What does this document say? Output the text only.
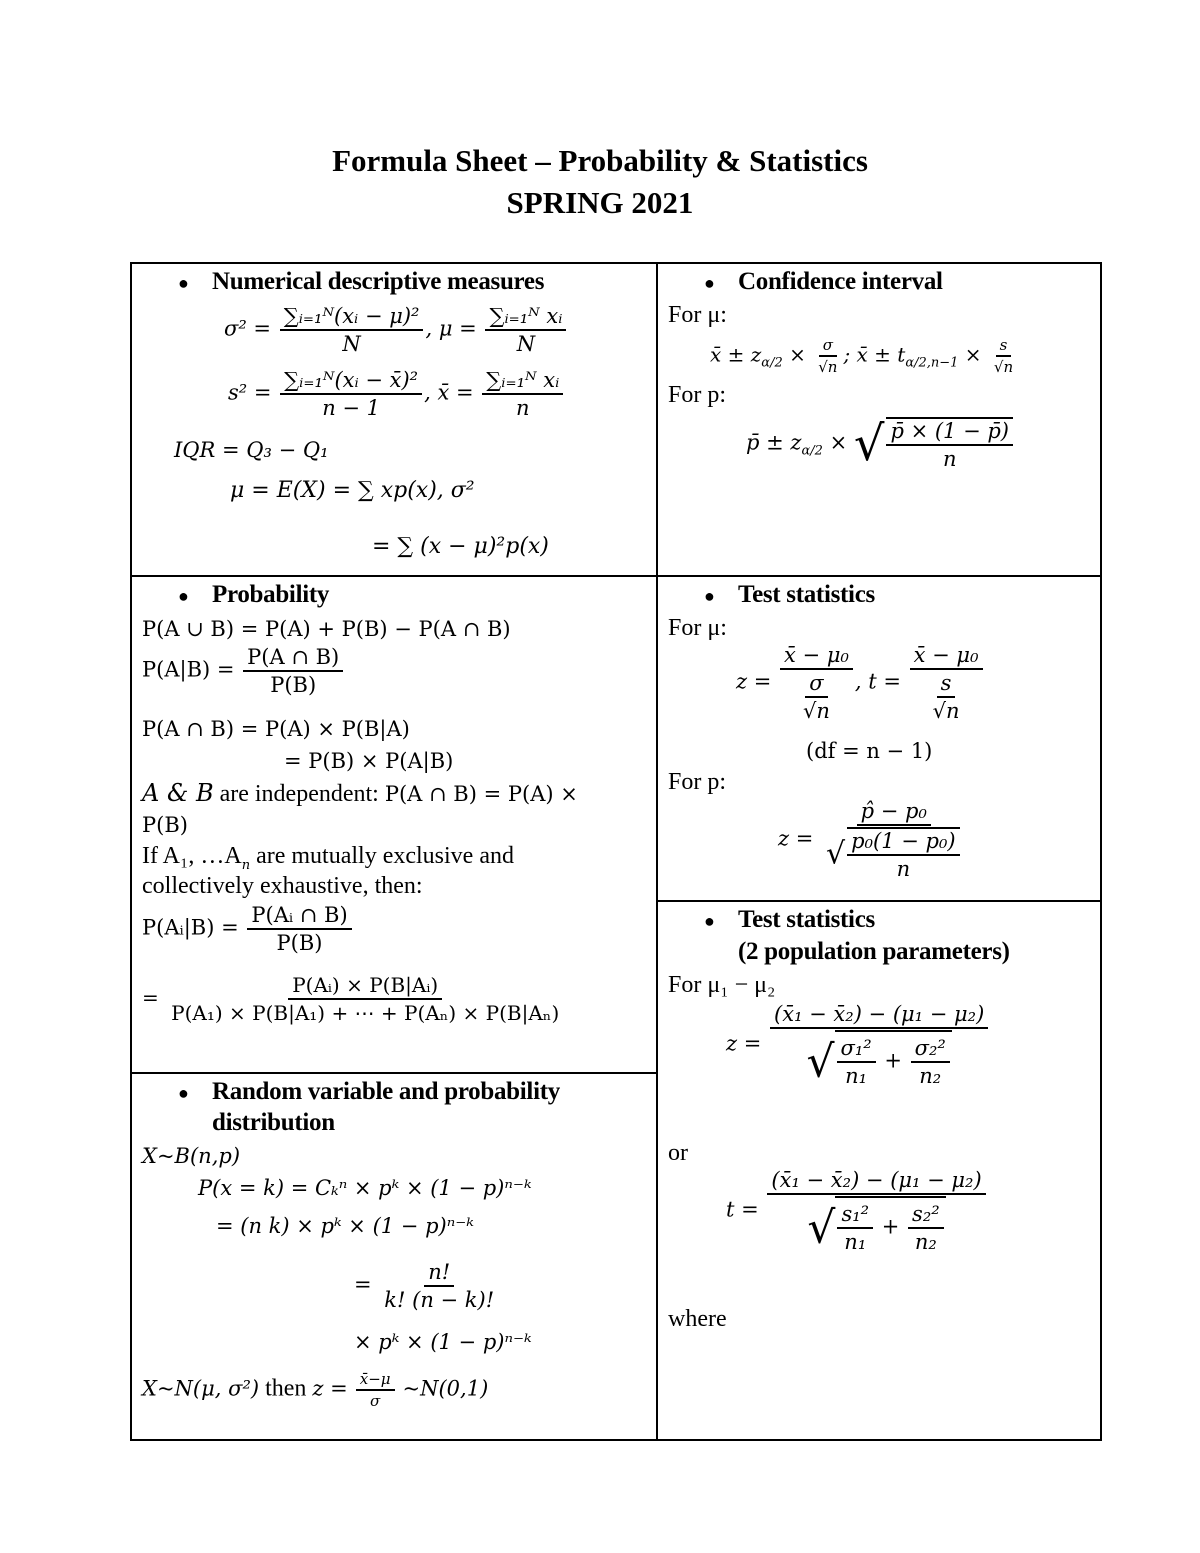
Formula Sheet – Probability & Statistics
SPRING 2021
● Numerical descriptive measures
$\sigma^2 = \frac{\text{∑ᵢ₌₁ᴺ(xᵢ − μ)²}}{N}$ , $\mu = \frac{\text{∑ᵢ₌₁ᴺ xᵢ}}{N}$
$s^2 = \frac{\text{∑ᵢ₌₁ᴺ(xᵢ − x̄)²}}{n - 1}$ , x̄ = $\frac{\text{∑ᵢ₌₁ᴺ xᵢ}}{n}$
IQR = Q₃ − Q₁
μ = E(X) = ∑ xp(x), σ²
= ∑ (x − μ)²p(x)
● Confidence interval
For μ:
x̄ ± $z_{\alpha/2} \times \frac{\sigma}{√n}$ ; x̄ ± $t_{\alpha/2,n-1} \times \frac{s}{√n}$
For p:
p̄ ± $z_{\alpha/2}$ × √ $\frac{p̄ \times (1 - p̄)}{n}$
● Probability
P(A ∪ B) = P(A) + P(B) − P(A ∩ B)
$P(A|B) = \frac{P(A \cap B)}{P(B)}$
P(A ∩ B) = P(A) × P(B|A)
= P(B) × P(A|B)
A & B are independent: P(A ∩ B) = P(A) ×
P(B)
If A₁, $\dots A_n$ are mutually exclusive and
collectively exhaustive, then:
P(Aᵢ|B) = $\frac{\text{P(Aᵢ ∩ B)}}{P(B)}$
= $\frac{\text{P(Aᵢ) × P(B|Aᵢ)}}{\text{P(A₁) × P(B|A₁) + ⋯ + P(Aₙ) × P(B|Aₙ)}}$
● Random variable and probability
distribution
X~B(n,p)
P(x = k) = Cₖⁿ × pᵏ × (1 − p)ⁿ⁻ᵏ
= (n k) × pᵏ × (1 − p)ⁿ⁻ᵏ
= $\frac{n!}{k! (n - k)!}$
× pᵏ × (1 − p)ⁿ⁻ᵏ
X~N(μ, σ²) then $z = \frac{x̄-\mu}{\sigma}$ ~N(0,1)
● Test statistics
For μ:
$z = \frac{\text{x̄ − μ₀}}{\frac{\sigma}{√n}}$ , $t = \frac{\text{x̄ − μ₀}}{\frac{s}{√n}}$
(df = n − 1)
For p:
$z = \frac{\text{p̂ − p₀}}{√ \frac{\text{p₀(1 − p₀)}}{n}}$
● Test statistics
(2 population parameters)
For μ₁ − μ₂
$z = \frac{\text{(x̄₁ − x̄₂) − (μ₁ − μ₂)}}{√ \frac{\text{σ₁²}}{\text{n₁}} + \frac{\text{σ₂²}}{\text{n₂}}}$
or
$t = \frac{\text{(x̄₁ − x̄₂) − (μ₁ − μ₂)}}{√ \frac{\text{s₁²}}{\text{n₁}} + \frac{\text{s₂²}}{\text{n₂}}}$
where
